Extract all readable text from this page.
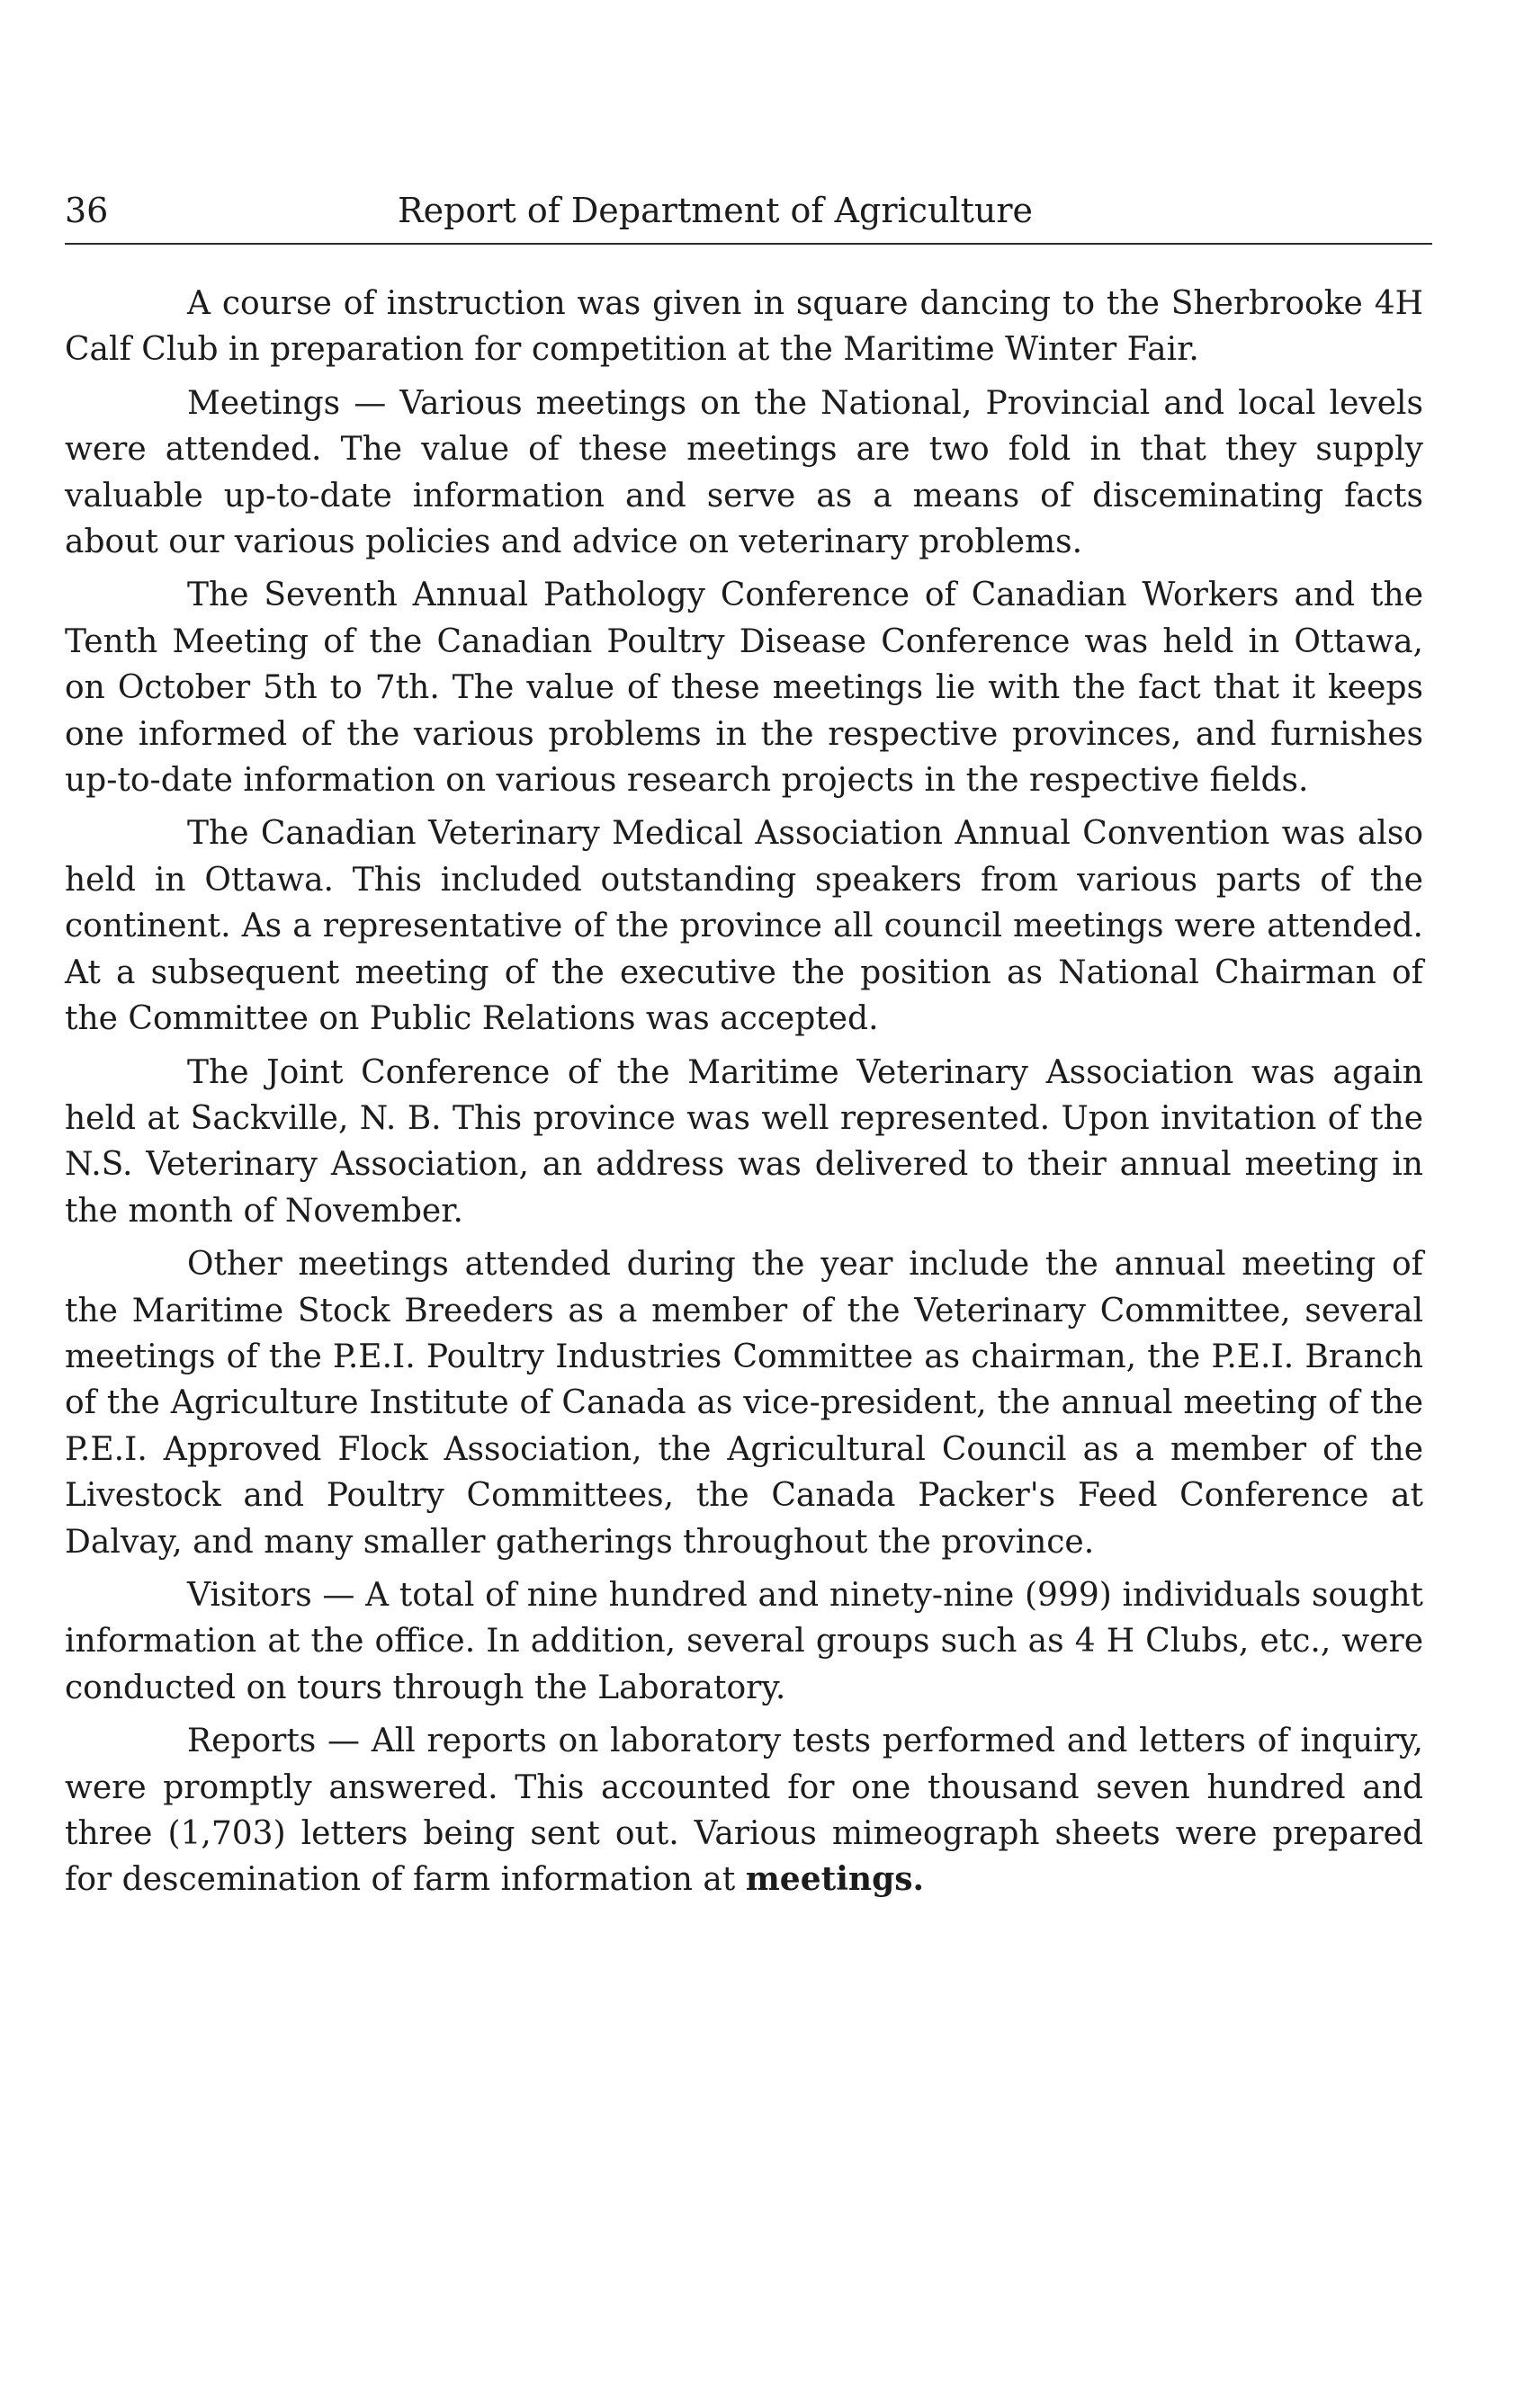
36	Report of Department of Agriculture

A course of instruction was given in square dancing to the Sherbrooke 4H Calf Club in preparation for competition at the Maritime Winter Fair.

Meetings — Various meetings on the National, Provincial and local levels were attended. The value of these meetings are two fold in that they supply valuable up-to-date information and serve as a means of disceminating facts about our various policies and advice on veterinary problems.

The Seventh Annual Pathology Conference of Canadian Workers and the Tenth Meeting of the Canadian Poultry Disease Conference was held in Ottawa, on October 5th to 7th. The value of these meetings lie with the fact that it keeps one informed of the various problems in the respective provinces, and furnishes up-to-date information on various research projects in the respective fields.

The Canadian Veterinary Medical Association Annual Convention was also held in Ottawa. This included outstanding speakers from various parts of the continent. As a representative of the province all council meetings were attended. At a subsequent meeting of the executive the position as National Chairman of the Committee on Public Relations was accepted.

The Joint Conference of the Maritime Veterinary Association was again held at Sackville, N. B. This province was well represented. Upon invitation of the N.S. Veterinary Association, an address was delivered to their annual meeting in the month of November.

Other meetings attended during the year include the annual meeting of the Maritime Stock Breeders as a member of the Veterinary Committee, several meetings of the P.E.I. Poultry Industries Committee as chairman, the P.E.I. Branch of the Agriculture Institute of Canada as vice-president, the annual meeting of the P.E.I. Approved Flock Association, the Agricultural Council as a member of the Livestock and Poultry Committees, the Canada Packer's Feed Conference at Dalvay, and many smaller gatherings throughout the province.

Visitors — A total of nine hundred and ninety-nine (999) individuals sought information at the office. In addition, several groups such as 4 H Clubs, etc., were conducted on tours through the Laboratory.

Reports — All reports on laboratory tests performed and letters of inquiry, were promptly answered. This accounted for one thousand seven hundred and three (1,703) letters being sent out. Various mimeograph sheets were prepared for descemination of farm information at meetings.
